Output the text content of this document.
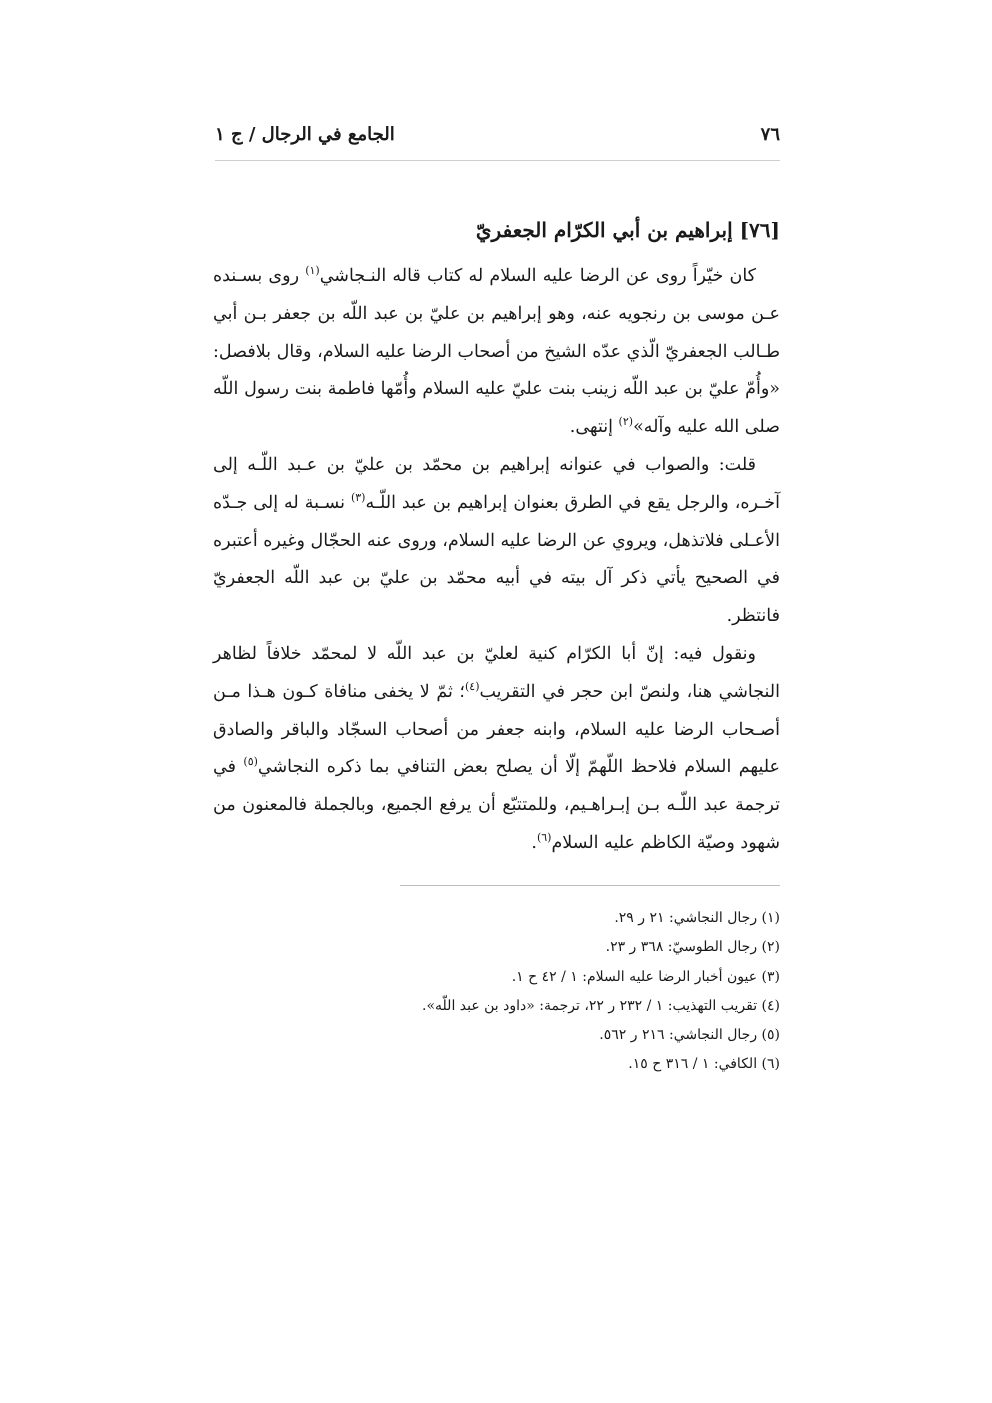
٧٦
الجامع في الرجال / ج ١
[٧٦] إبراهيم بن أبي الكرّام الجعفريّ

كان خيّراً روى عن الرضا عليه السلام له كتاب قاله النـجاشي$^{(١)}$ روى بسـنده عـن موسى بن رنجويه عنه، وهو إبراهيم بن عليّ بن عبد اللّه بن جعفر بـن أبي طـالب الجعفريّ الّذي عدّه الشيخ من أصحاب الرضا عليه السلام، وقال بلافصل: «وأُمّ عليّ بن عبد اللّه زينب بنت عليّ عليه السلام وأُمّها فاطمة بنت رسول اللّه صلى الله عليه وآله»$^{(٢)}$ إنتهى.

قلت: والصواب في عنوانه إبراهيم بن محمّد بن عليّ بن عـبد اللّـه إلى آخـره، والرجل يقع في الطرق بعنوان إبراهيم بن عبد اللّـه$^{(٣)}$ نسـبة له إلى جـدّه الأعـلى فلاتذهل، ويروي عن الرضا عليه السلام، وروى عنه الحجّال وغيره أعتبره في الصحيح يأتي ذكر آل بيته في أبيه محمّد بن عليّ بن عبد اللّه الجعفريّ فانتظر.

ونقول فيه: إنّ أبا الكرّام كنية لعليّ بن عبد اللّه لا لمحمّد خلافاً لظاهر النجاشي هنا، ولنصّ ابن حجر في التقريب$^{(٤)}$؛ ثمّ لا يخفى منافاة كـون هـذا مـن أصـحاب الرضا عليه السلام، وابنه جعفر من أصحاب السجّاد والباقر والصادق عليهم السلام فلاحظ اللّهمّ إلّا أن يصلح بعض التنافي بما ذكره النجاشي$^{(٥)}$ في ترجمة عبد اللّـه بـن إبـراهـيم، وللمتتبّع أن يرفع الجميع، وبالجملة فالمعنون من شهود وصيّة الكاظم عليه السلام$^{(٦)}$.

(١) رجال النجاشي: ٢١ ر ٢٩.
(٢) رجال الطوسيّ: ٣٦٨ ر ٢٣.
(٣) عيون أخبار الرضا عليه السلام: ١ / ٤٢ ح ١.
(٤) تقريب التهذيب: ١ / ٢٣٢ ر ٢٢، ترجمة: «داود بن عبد اللّه».
(٥) رجال النجاشي: ٢١٦ ر ٥٦٢.
(٦) الكافي: ١ / ٣١٦ ح ١٥.
